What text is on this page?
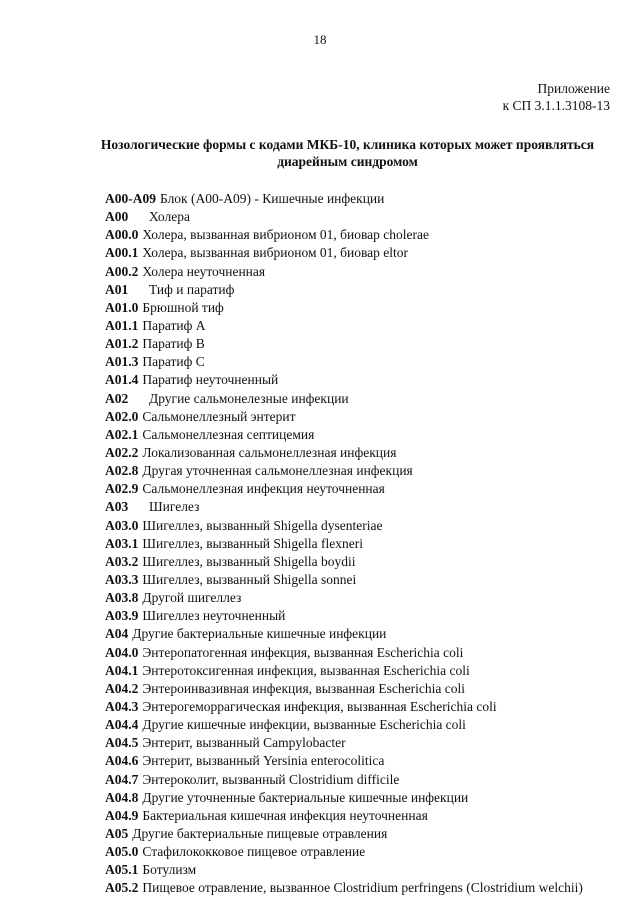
18
Приложение
к СП 3.1.1.3108-13
Нозологические формы с кодами МКБ-10, клиника которых может проявляться
диарейным синдромом
A00-A09 Блок (А00-А09) - Кишечные инфекции
A00 Холера
A00.0 Холера, вызванная вибрионом 01, биовар cholerae
A00.1 Холера, вызванная вибрионом 01, биовар eltor
A00.2 Холера неуточненная
A01 Тиф и паратиф
A01.0 Брюшной тиф
A01.1 Паратиф А
A01.2 Паратиф В
A01.3 Паратиф С
A01.4 Паратиф неуточненный
A02 Другие сальмонелезные инфекции
A02.0 Сальмонеллезный энтерит
A02.1 Сальмонеллезная септицемия
A02.2 Локализованная сальмонеллезная инфекция
A02.8 Другая уточненная сальмонеллезная инфекция
A02.9 Сальмонеллезная инфекция неуточненная
A03 Шигелез
A03.0 Шигеллез, вызванный Shigella dysenteriae
A03.1 Шигеллез, вызванный Shigella flexneri
A03.2 Шигеллез, вызванный Shigella boydii
A03.3 Шигеллез, вызванный Shigella sonnei
A03.8 Другой шигеллез
A03.9 Шигеллез неуточненный
A04 Другие бактериальные кишечные инфекции
A04.0 Энтеропатогенная инфекция, вызванная Escherichia coli
A04.1 Энтеротоксигенная инфекция, вызванная Escherichia coli
A04.2 Энтероинвазивная инфекция, вызванная Escherichia coli
A04.3 Энтерогеморрагическая инфекция, вызванная Escherichia coli
A04.4 Другие кишечные инфекции, вызванные Escherichia coli
A04.5 Энтерит, вызванный Campylobacter
A04.6 Энтерит, вызванный Yersinia enterocolitica
A04.7 Энтероколит, вызванный Clostridium difficile
A04.8 Другие уточненные бактериальные кишечные инфекции
A04.9 Бактериальная кишечная инфекция неуточненная
A05 Другие бактериальные пищевые отравления
A05.0 Стафилококковое пищевое отравление
A05.1 Ботулизм
A05.2 Пищевое отравление, вызванное Clostridium perfringens (Clostridium welchii)
